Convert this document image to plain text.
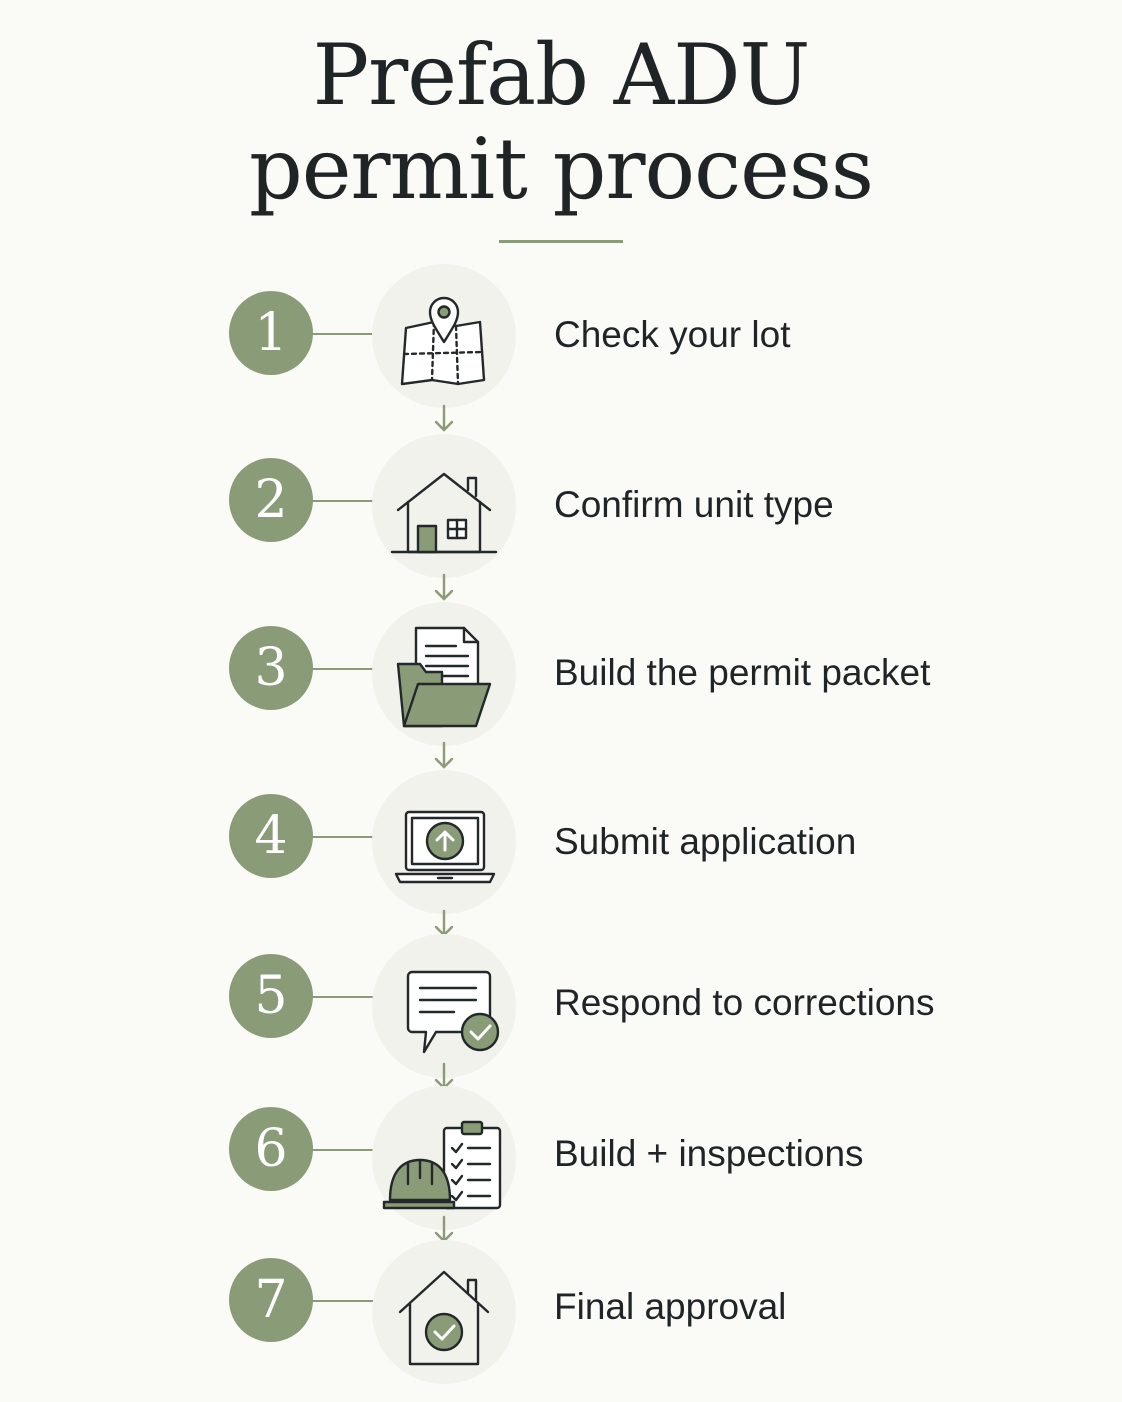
Prefab ADU
permit process
1	Check your lot
2	Confirm unit type
3	Build the permit packet
4	Submit application
5	Respond to corrections
6	Build + inspections
7	Final approval
